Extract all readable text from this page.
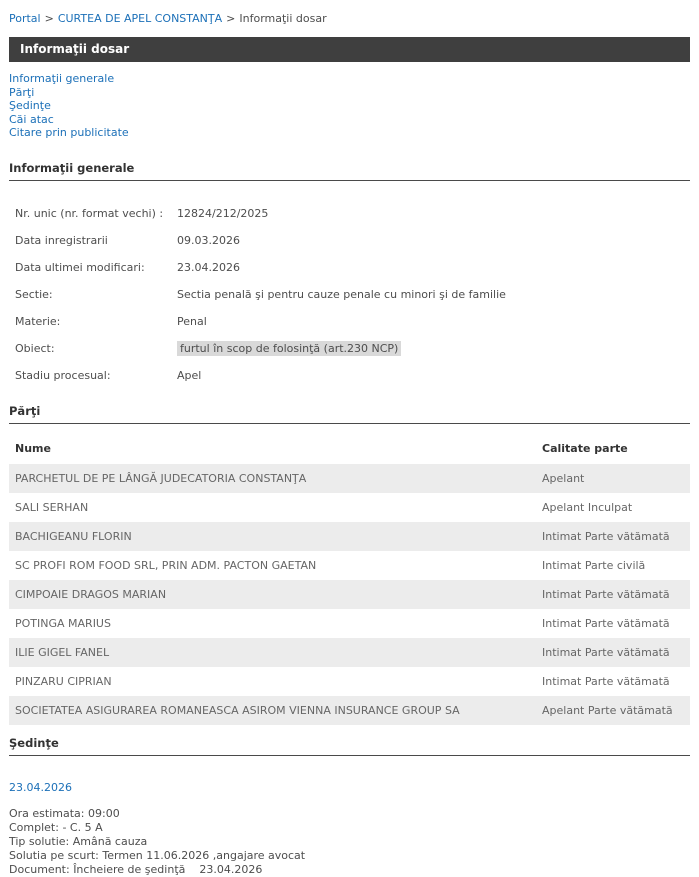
Portal > CURTEA DE APEL CONSTANŢA > Informaţii dosar
Informaţii dosar
Informaţii generale
Părţi
Şedinţe
Căi atac
Citare prin publicitate
Informaţii generale
Nr. unic (nr. format vechi) :	12824/212/2025
Data inregistrarii	09.03.2026
Data ultimei modificari:	23.04.2026
Sectie:	Sectia penală şi pentru cauze penale cu minori şi de familie
Materie:	Penal
Obiect:	furtul în scop de folosinţă (art.230 NCP)
Stadiu procesual:	Apel
Părţi
Nume	Calitate parte
PARCHETUL DE PE LÂNGĂ JUDECATORIA CONSTANŢA	Apelant
SALI SERHAN	Apelant Inculpat
BACHIGEANU FLORIN	Intimat Parte vătămată
SC PROFI ROM FOOD SRL, PRIN ADM. PACTON GAETAN	Intimat Parte civilă
CIMPOAIE DRAGOS MARIAN	Intimat Parte vătămată
POTINGA MARIUS	Intimat Parte vătămată
ILIE GIGEL FANEL	Intimat Parte vătămată
PINZARU CIPRIAN	Intimat Parte vătămată
SOCIETATEA ASIGURAREA ROMANEASCA ASIROM VIENNA INSURANCE GROUP SA	Apelant Parte vătămată
Şedinţe
23.04.2026
Ora estimata: 09:00
Complet: - C. 5 A
Tip solutie: Amână cauza
Solutia pe scurt: Termen 11.06.2026 ,angajare avocat
Document: Încheiere de şedinţă    23.04.2026
